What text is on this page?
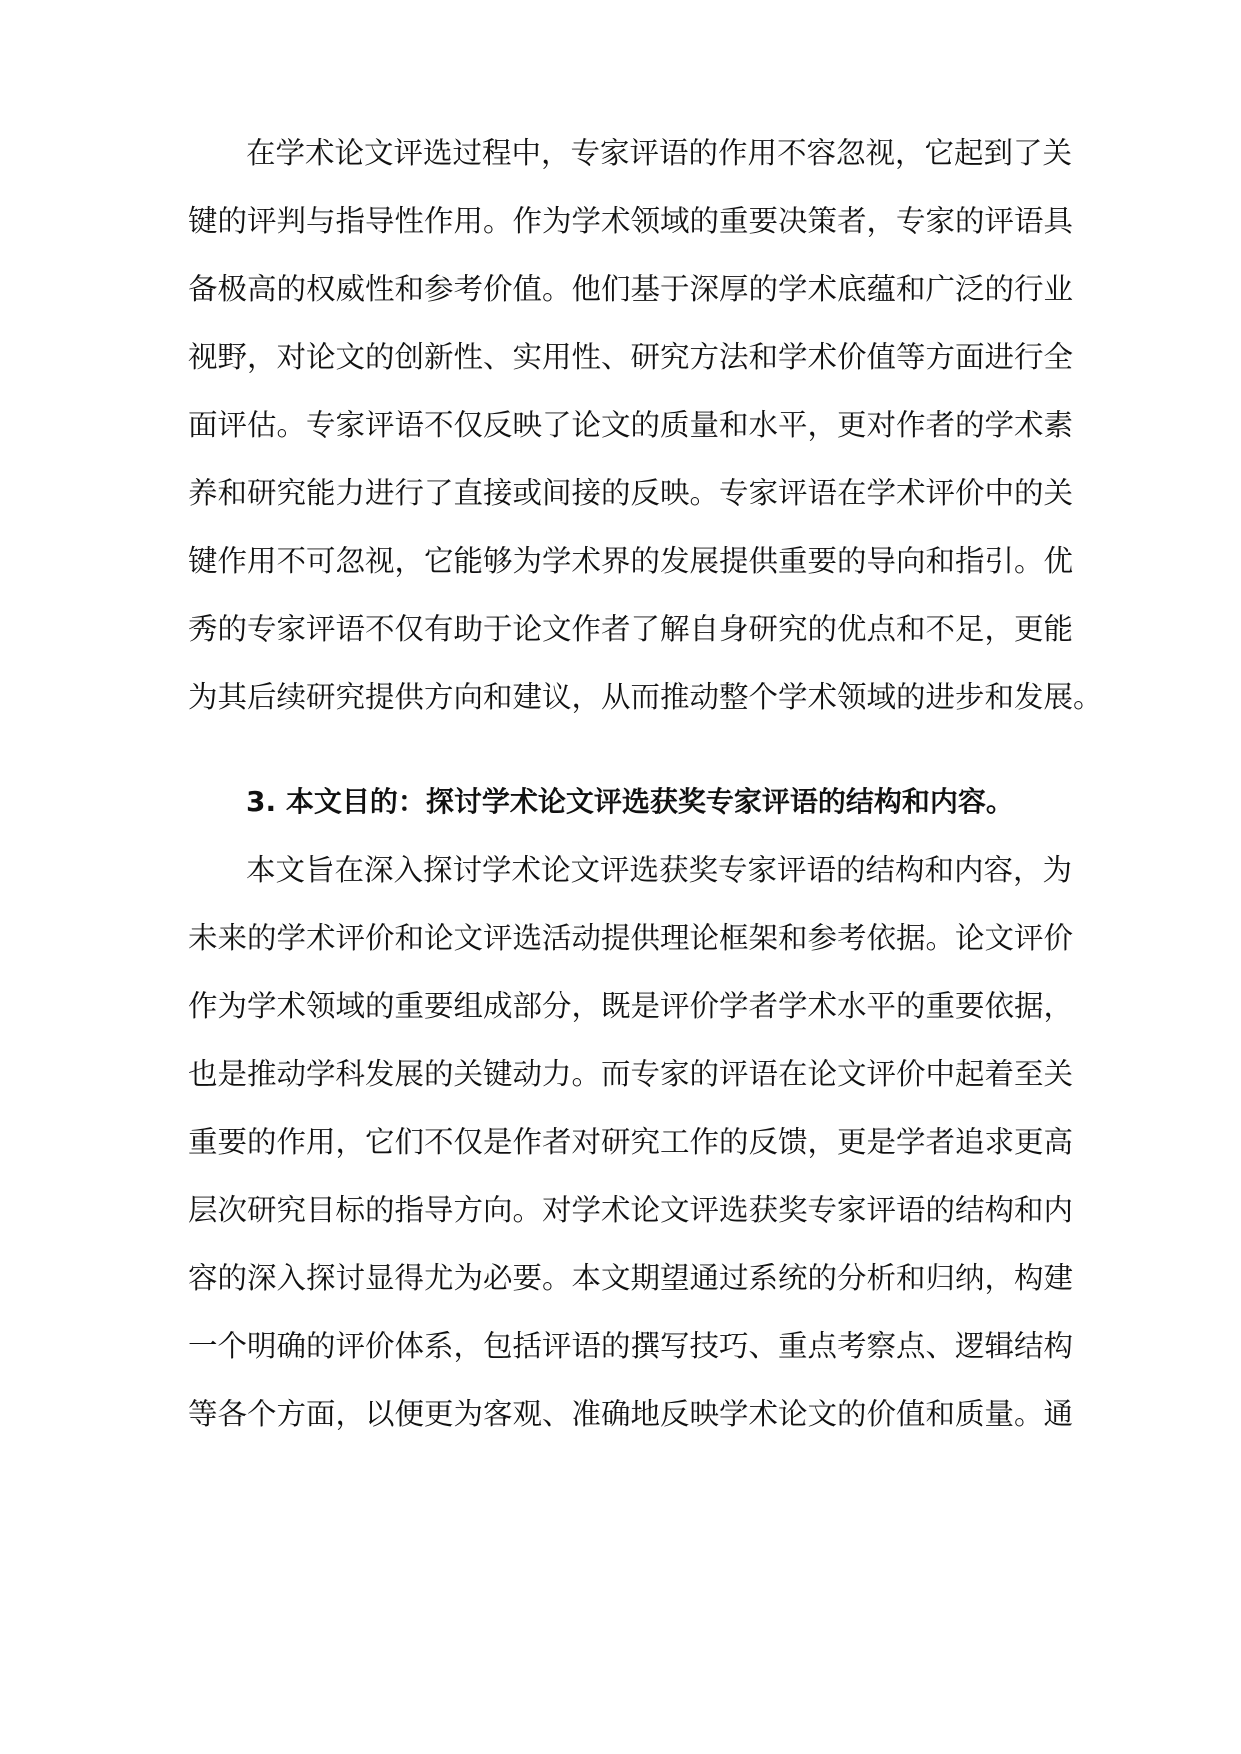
在学术论文评选过程中，专家评语的作用不容忽视，它起到了关
键的评判与指导性作用。作为学术领域的重要决策者，专家的评语具
备极高的权威性和参考价值。他们基于深厚的学术底蕴和广泛的行业
视野，对论文的创新性、实用性、研究方法和学术价值等方面进行全
面评估。专家评语不仅反映了论文的质量和水平，更对作者的学术素
养和研究能力进行了直接或间接的反映。专家评语在学术评价中的关
键作用不可忽视，它能够为学术界的发展提供重要的导向和指引。优
秀的专家评语不仅有助于论文作者了解自身研究的优点和不足，更能
为其后续研究提供方向和建议，从而推动整个学术领域的进步和发展。
3. 本文目的：探讨学术论文评选获奖专家评语的结构和内容。
本文旨在深入探讨学术论文评选获奖专家评语的结构和内容，为
未来的学术评价和论文评选活动提供理论框架和参考依据。论文评价
作为学术领域的重要组成部分，既是评价学者学术水平的重要依据，
也是推动学科发展的关键动力。而专家的评语在论文评价中起着至关
重要的作用，它们不仅是作者对研究工作的反馈，更是学者追求更高
层次研究目标的指导方向。对学术论文评选获奖专家评语的结构和内
容的深入探讨显得尤为必要。本文期望通过系统的分析和归纳，构建
一个明确的评价体系，包括评语的撰写技巧、重点考察点、逻辑结构
等各个方面，以便更为客观、准确地反映学术论文的价值和质量。通
